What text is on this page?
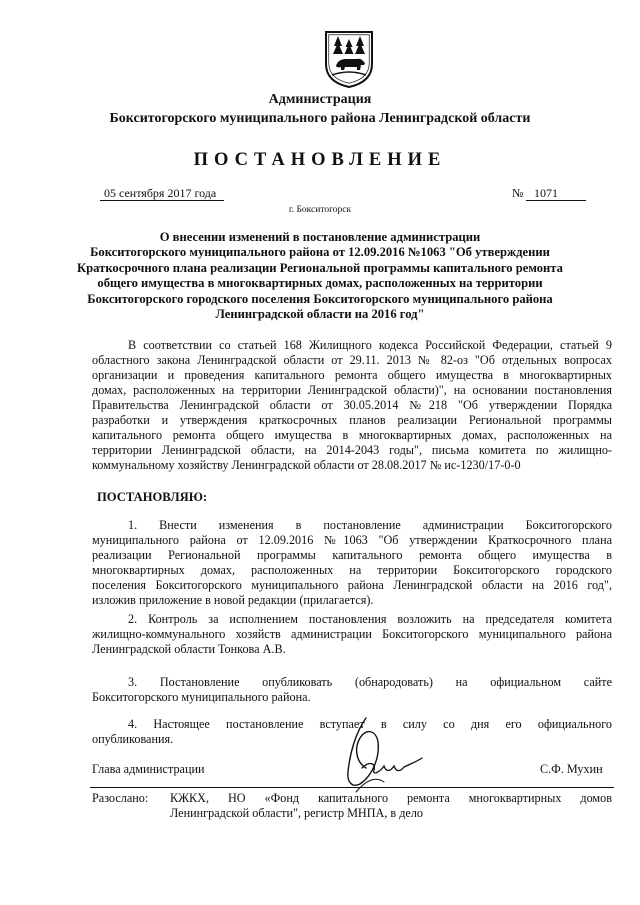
Администрация
Бокситогорского муниципального района Ленинградской области
ПОСТАНОВЛЕНИЕ
05 сентября 2017 года	№ 1071
г. Бокситогорск
О внесении изменений в постановление администрации
Бокситогорского муниципального района от 12.09.2016 №1063 "Об утверждении
Краткосрочного плана реализации Региональной программы капитального ремонта
общего имущества в многоквартирных домах, расположенных на территории
Бокситогорского городского поселения Бокситогорского муниципального района
Ленинградской области на 2016 год"
В соответствии со статьей 168 Жилищного кодекса Российской Федерации, статьей 9
областного закона Ленинградской области от 29.11. 2013 № 82-оз "Об отдельных вопросах
организации и проведения капитального ремонта общего имущества в многоквартирных
домах, расположенных на территории Ленинградской области)", на основании постановления
Правительства Ленинградской области от 30.05.2014 №218 "Об утверждении Порядка
разработки и утверждения краткосрочных планов реализации Региональной программы
капитального ремонта общего имущества в многоквартирных домах, расположенных на
территории Ленинградской области, на 2014-2043 годы", письма комитета по жилищно-
коммунальному хозяйству Ленинградской области от 28.08.2017 № ис-1230/17-0-0
ПОСТАНОВЛЯЮ:
1. Внести изменения в постановление администрации Бокситогорского
муниципального района от 12.09.2016 №1063 "Об утверждении Краткосрочного плана
реализации Региональной программы капитального ремонта общего имущества в
многоквартирных домах, расположенных на территории Бокситогорского городского
поселения Бокситогорского муниципального района Ленинградской области на 2016 год",
изложив приложение в новой редакции (прилагается).
2. Контроль за исполнением постановления возложить на председателя комитета
жилищно-коммунального хозяйств администрации Бокситогорского муниципального района
Ленинградской области Тонкова А.В.
3. Постановление опубликовать (обнародовать) на официальном сайте
Бокситогорского муниципального района.
4. Настоящее постановление вступает в силу со дня его официального
опубликования.
Глава администрации	С.Ф. Мухин
Разослано: КЖКХ, НО «Фонд капитального ремонта многоквартирных домов
Ленинградской области", регистр МНПА, в дело
